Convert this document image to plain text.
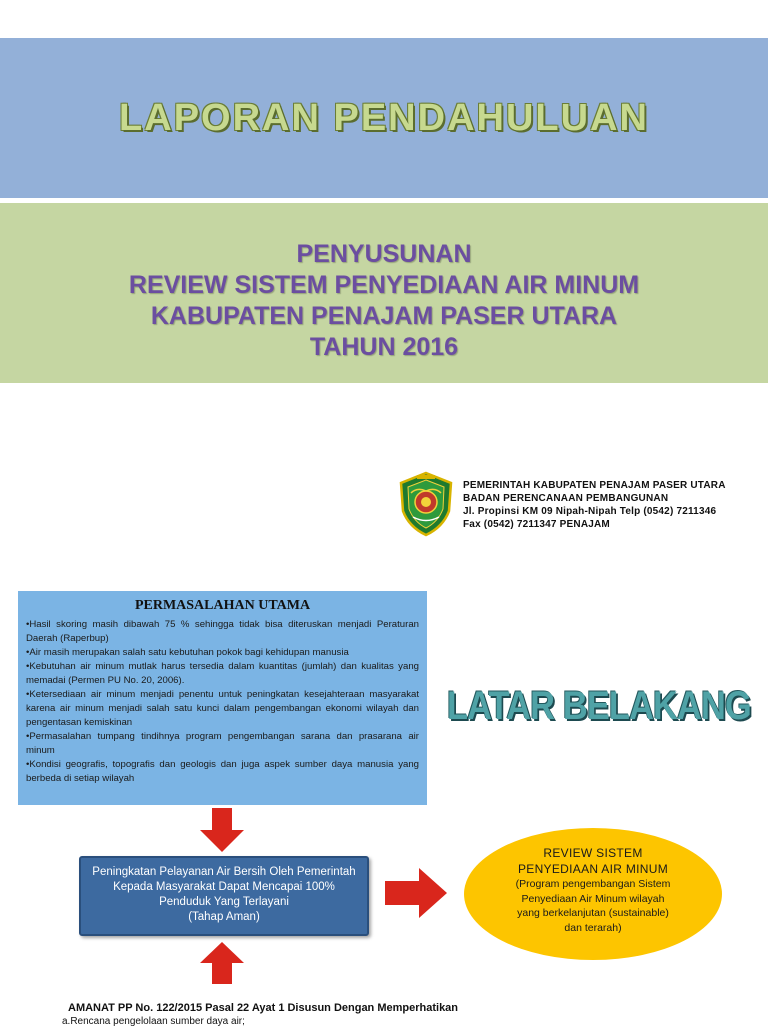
LAPORAN PENDAHULUAN
PENYUSUNAN
REVIEW SISTEM PENYEDIAAN AIR MINUM
KABUPATEN PENAJAM PASER UTARA
TAHUN 2016
PEMERINTAH KABUPATEN PENAJAM PASER UTARA
BADAN PERENCANAAN PEMBANGUNAN
Jl. Propinsi KM 09 Nipah-Nipah Telp (0542) 7211346
Fax (0542) 7211347 PENAJAM
PERMASALAHAN UTAMA
•Hasil skoring masih dibawah 75 % sehingga tidak bisa diteruskan menjadi Peraturan Daerah (Raperbup)
•Air masih merupakan salah satu kebutuhan pokok bagi kehidupan manusia
•Kebutuhan air minum mutlak harus tersedia dalam kuantitas (jumlah) dan kualitas yang memadai (Permen PU No. 20, 2006).
•Ketersediaan air minum menjadi penentu untuk peningkatan kesejahteraan masyarakat karena air minum menjadi salah satu kunci dalam pengembangan ekonomi wilayah dan pengentasan kemiskinan
•Permasalahan tumpang tindihnya program pengembangan sarana dan prasarana air minum
•Kondisi geografis, topografis dan geologis dan juga aspek sumber daya manusia yang berbeda di setiap wilayah
LATAR BELAKANG
Peningkatan Pelayanan Air Bersih Oleh Pemerintah
Kepada Masyarakat Dapat Mencapai 100%
Penduduk Yang Terlayani
(Tahap Aman)
REVIEW SISTEM
PENYEDIAAN AIR MINUM
(Program pengembangan Sistem
Penyediaan Air Minum wilayah
yang berkelanjutan (sustainable)
dan terarah)
AMANAT PP No. 122/2015 Pasal 22 Ayat 1 Disusun Dengan Memperhatikan
a.Rencana pengelolaan sumber daya air;
